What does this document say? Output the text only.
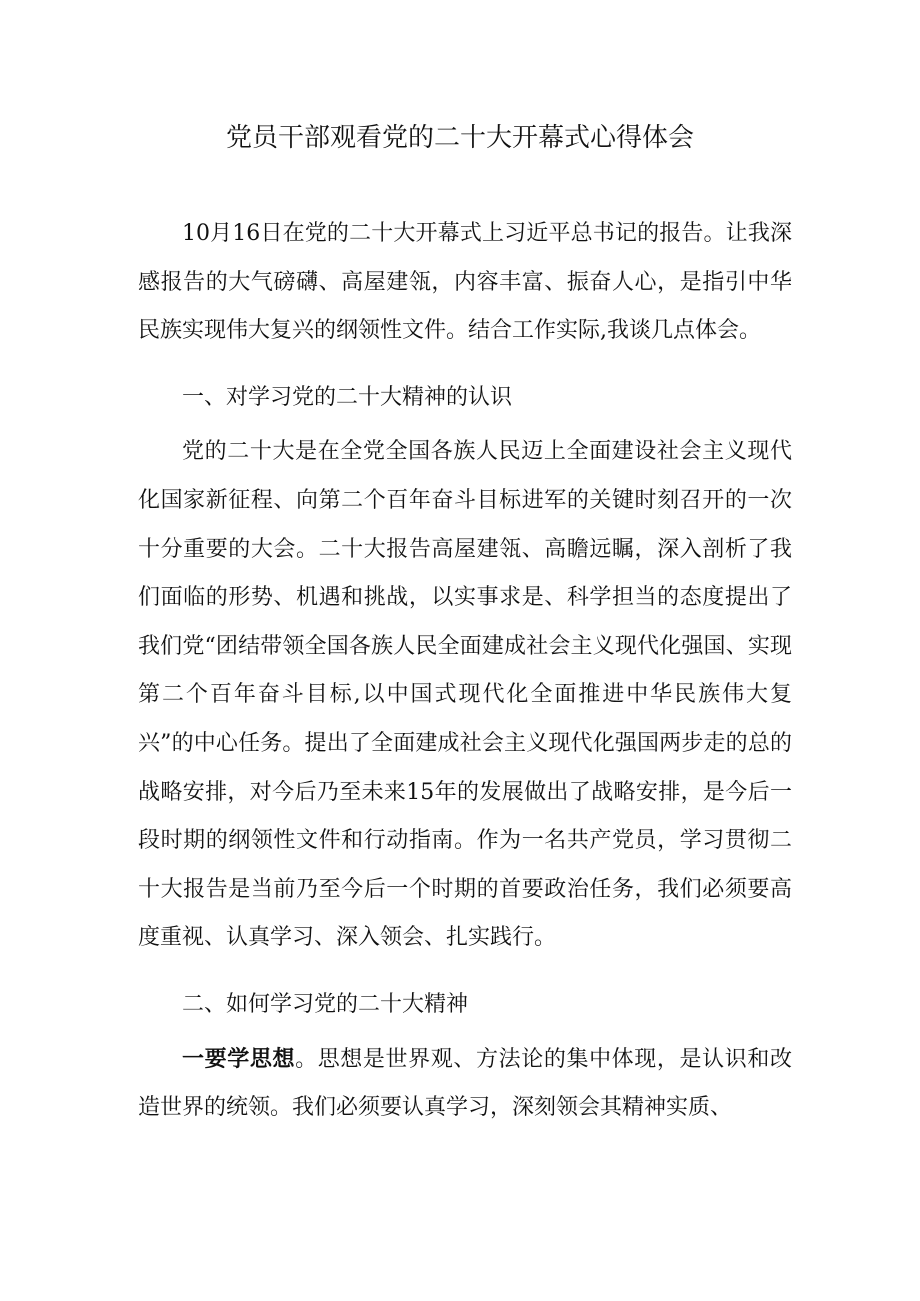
党员干部观看党的二十大开幕式心得体会

10月16日在党的二十大开幕式上习近平总书记的报告。让我深感报告的大气磅礴、高屋建瓴，内容丰富、振奋人心，是指引中华民族实现伟大复兴的纲领性文件。结合工作实际,我谈几点体会。

一、对学习党的二十大精神的认识

党的二十大是在全党全国各族人民迈上全面建设社会主义现代化国家新征程、向第二个百年奋斗目标进军的关键时刻召开的一次十分重要的大会。二十大报告高屋建瓴、高瞻远瞩，深入剖析了我们面临的形势、机遇和挑战，以实事求是、科学担当的态度提出了我们党“团结带领全国各族人民全面建成社会主义现代化强国、实现第二个百年奋斗目标,以中国式现代化全面推进中华民族伟大复兴”的中心任务。提出了全面建成社会主义现代化强国两步走的总的战略安排，对今后乃至未来15年的发展做出了战略安排，是今后一段时期的纲领性文件和行动指南。作为一名共产党员，学习贯彻二十大报告是当前乃至今后一个时期的首要政治任务，我们必须要高度重视、认真学习、深入领会、扎实践行。

二、如何学习党的二十大精神

一要学思想。思想是世界观、方法论的集中体现，是认识和改造世界的统领。我们必须要认真学习，深刻领会其精神实质、
